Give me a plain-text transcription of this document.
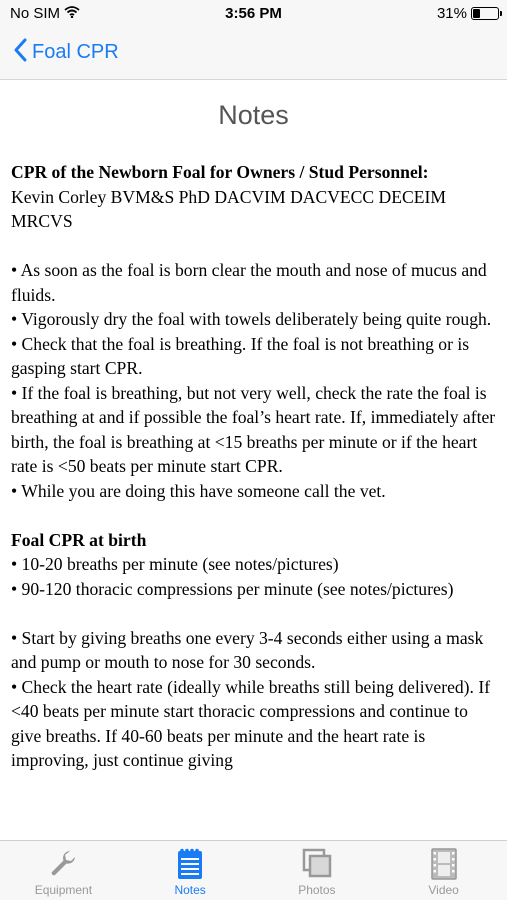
No SIM	3:56 PM	31%
Foal CPR
Notes
CPR of the Newborn Foal for Owners / Stud Personnel:
Kevin Corley BVM&S PhD DACVIM DACVECC DECEIM MRCVS
• As soon as the foal is born clear the mouth and nose of mucus and fluids.
• Vigorously dry the foal with towels deliberately being quite rough.
• Check that the foal is breathing. If the foal is not breathing or is gasping start CPR.
• If the foal is breathing, but not very well, check the rate the foal is breathing at and if possible the foal’s heart rate. If, immediately after birth, the foal is breathing at <15 breaths per minute or if the heart rate is <50 beats per minute start CPR.
• While you are doing this have someone call the vet.
Foal CPR at birth
• 10-20 breaths per minute (see notes/pictures)
• 90-120 thoracic compressions per minute (see notes/pictures)
• Start by giving breaths one every 3-4 seconds either using a mask and pump or mouth to nose for 30 seconds.
• Check the heart rate (ideally while breaths still being delivered). If <40 beats per minute start thoracic compressions and continue to give breaths. If 40-60 beats per minute and the heart rate is improving, just continue giving
Equipment	Notes	Photos	Video
